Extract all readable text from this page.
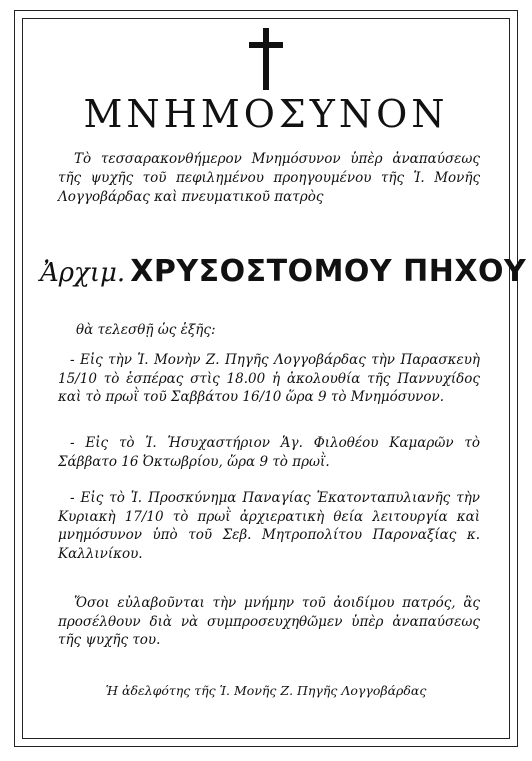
ΜΝΗΜΟΣΥΝΟΝ
Τὸ τεσσαρακονθήμερον Μνημόσυνον ὑπὲρ ἀναπαύσεως τῆς ψυχῆς τοῦ πεφιλημένου προηγουμένου τῆς Ἱ. Μονῆς Λογγοβάρδας καὶ πνευματικοῦ πατρὸς
Ἀρχιμ. ΧΡΥΣΟΣΤΟΜΟΥ ΠΗΧΟΥ
θὰ τελεσθῇ ὡς ἑξῆς:
- Εἰς τὴν Ἱ. Μονὴν Ζ. Πηγῆς Λογγοβάρδας τὴν Παρασκευὴ 15/10 τὸ ἑσπέρας στὶς 18.00 ἡ ἀκολουθία τῆς Παννυχίδος καὶ τὸ πρωῒ τοῦ Σαββάτου 16/10 ὥρα 9 τὸ Μνημόσυνον.
- Εἰς τὸ Ἱ. Ἡσυχαστήριον Ἁγ. Φιλοθέου Καμαρῶν τὸ Σάββατο 16 Ὀκτωβρίου, ὥρα 9 τὸ πρωῒ.
- Εἰς τὸ Ἱ. Προσκύνημα Παναγίας Ἑκατονταπυλιανῆς τὴν Κυριακὴ 17/10 τὸ πρωῒ ἀρχιερατικὴ θεία λειτουργία καὶ μνημόσυνον ὑπὸ τοῦ Σεβ. Μητροπολίτου Παροναξίας κ. Καλλινίκου.
Ὅσοι εὐλαβοῦνται τὴν μνήμην τοῦ ἀοιδίμου πατρός, ἂς προσέλθουν διὰ νὰ συμπροσευχηθῶμεν ὑπὲρ ἀναπαύσεως τῆς ψυχῆς του.
Ἡ ἀδελφότης τῆς Ἱ. Μονῆς Ζ. Πηγῆς Λογγοβάρδας
